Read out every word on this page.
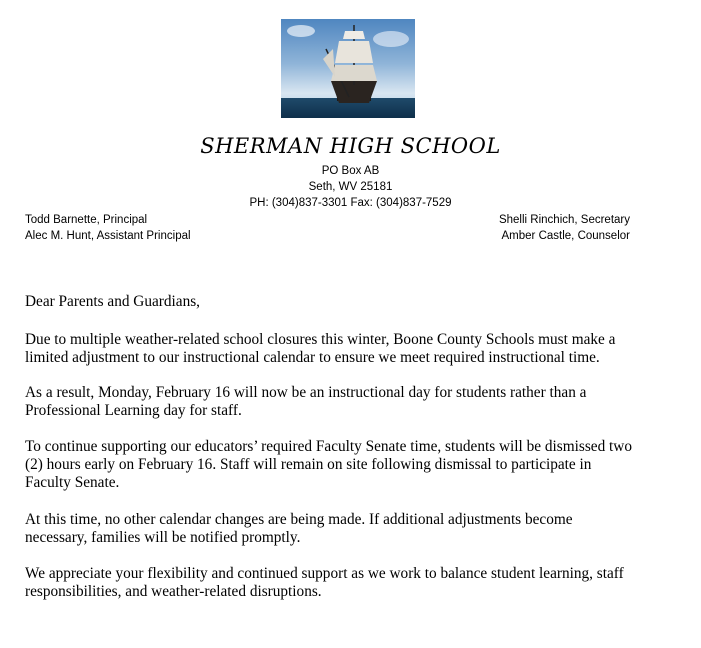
SHERMAN HIGH SCHOOL
PO Box AB
Seth, WV 25181
PH: (304)837-3301 Fax: (304)837-7529
Todd Barnette, Principal
Alec M. Hunt, Assistant Principal
Shelli Rinchich, Secretary
Amber Castle, Counselor
Dear Parents and Guardians,
Due to multiple weather-related school closures this winter, Boone County Schools must make a
limited adjustment to our instructional calendar to ensure we meet required instructional time.
As a result, Monday, February 16 will now be an instructional day for students rather than a
Professional Learning day for staff.
To continue supporting our educators’ required Faculty Senate time, students will be dismissed two
(2) hours early on February 16. Staff will remain on site following dismissal to participate in
Faculty Senate.
At this time, no other calendar changes are being made. If additional adjustments become
necessary, families will be notified promptly.
We appreciate your flexibility and continued support as we work to balance student learning, staff
responsibilities, and weather-related disruptions.
